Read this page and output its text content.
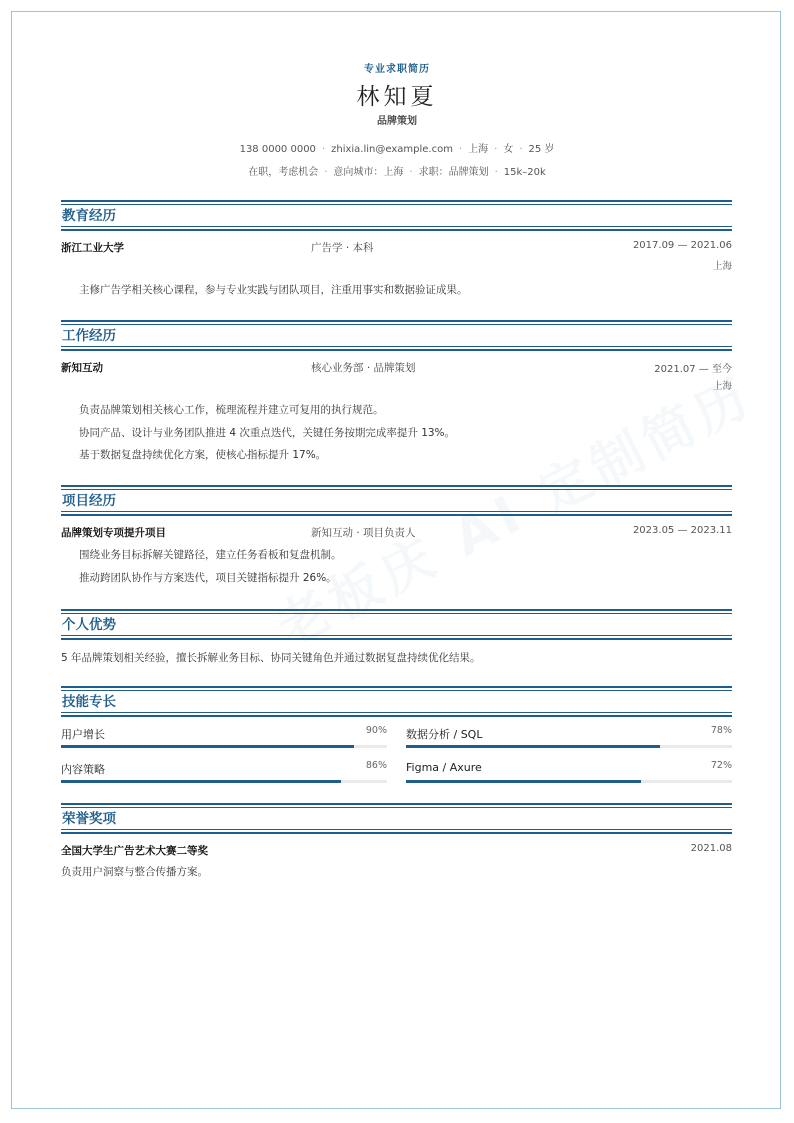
专业求职简历
林知夏
品牌策划
138 0000 0000 · zhixia.lin@example.com · 上海 · 女 · 25 岁
在职，考虑机会 · 意向城市：上海 · 求职：品牌策划 · 15k–20k
教育经历
浙江工业大学	广告学 · 本科	2017.09 — 2021.06
上海
主修广告学相关核心课程，参与专业实践与团队项目，注重用事实和数据验证成果。
工作经历
新知互动	核心业务部 · 品牌策划	2021.07 — 至今
上海
负责品牌策划相关核心工作，梳理流程并建立可复用的执行规范。
协同产品、设计与业务团队推进 4 次重点迭代，关键任务按期完成率提升 13%。
基于数据复盘持续优化方案，使核心指标提升 17%。
项目经历
品牌策划专项提升项目	新知互动 · 项目负责人	2023.05 — 2023.11
围绕业务目标拆解关键路径，建立任务看板和复盘机制。
推动跨团队协作与方案迭代，项目关键指标提升 26%。
个人优势
5 年品牌策划相关经验，擅长拆解业务目标、协同关键角色并通过数据复盘持续优化结果。
技能专长
用户增长	90% 数据分析 / SQL	78%
内容策略	86% Figma / Axure	72%
荣誉奖项
全国大学生广告艺术大赛二等奖	2021.08
负责用户洞察与整合传播方案。
